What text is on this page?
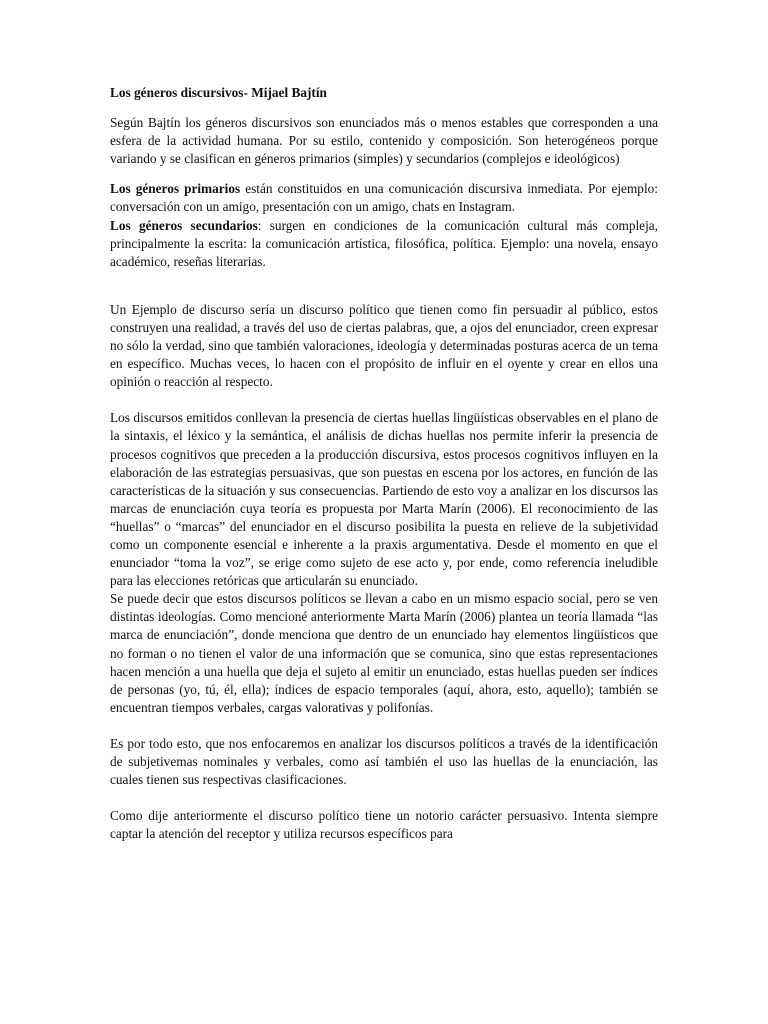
Los géneros discursivos- Mijael Bajtín

Según Bajtín los géneros discursivos son enunciados más o menos estables que corresponden a una esfera de la actividad humana. Por su estilo, contenido y composición. Son heterogéneos porque variando y se clasifican en géneros primarios (simples) y secundarios (complejos e ideológicos)

Los géneros primarios están constituidos en una comunicación discursiva inmediata. Por ejemplo: conversación con un amigo, presentación con un amigo, chats en Instagram.

Los géneros secundarios: surgen en condiciones de la comunicación cultural más compleja, principalmente la escrita: la comunicación artística, filosófica, política. Ejemplo: una novela, ensayo académico, reseñas literarias.

Un Ejemplo de discurso sería un discurso político que tienen como fin persuadir al público, estos construyen una realidad, a través del uso de ciertas palabras, que, a ojos del enunciador, creen expresar no sólo la verdad, sino que también valoraciones, ideología y determinadas posturas acerca de un tema en específico. Muchas veces, lo hacen con el propósito de influir en el oyente y crear en ellos una opinión o reacción al respecto.

Los discursos emitidos conllevan la presencia de ciertas huellas lingüísticas observables en el plano de la sintaxis, el léxico y la semántica, el análisis de dichas huellas nos permite inferir la presencia de procesos cognitivos que preceden a la producción discursiva, estos procesos cognitivos influyen en la elaboración de las estrategias persuasivas, que son puestas en escena por los actores, en función de las características de la situación y sus consecuencias. Partiendo de esto voy a analizar en los discursos las marcas de enunciación cuya teoría es propuesta por Marta Marín (2006). El reconocimiento de las “huellas” o “marcas” del enunciador en el discurso posibilita la puesta en relieve de la subjetividad como un componente esencial e inherente a la praxis argumentativa. Desde el momento en que el enunciador “toma la voz”, se erige como sujeto de ese acto y, por ende, como referencia ineludible para las elecciones retóricas que articularán su enunciado.

Se puede decir que estos discursos políticos se llevan a cabo en un mismo espacio social, pero se ven distintas ideologías. Como mencioné anteriormente Marta Marín (2006) plantea un teoría llamada “las marca de enunciación”, donde menciona que dentro de un enunciado hay elementos lingüísticos que no forman o no tienen el valor de una información que se comunica, sino que estas representaciones hacen mención a una huella que deja el sujeto al emitir un enunciado, estas huellas pueden ser índices de personas (yo, tú, él, ella); índices de espacio temporales (aquí, ahora, esto, aquello); también se encuentran tiempos verbales, cargas valorativas y polifonías.

Es por todo esto, que nos enfocaremos en analizar los discursos políticos a través de la identificación de subjetivemas nominales y verbales, como así también el uso las huellas de la enunciación, las cuales tienen sus respectivas clasificaciones.

Como dije anteriormente el discurso político tiene un notorio carácter persuasivo. Intenta siempre captar la atención del receptor y utiliza recursos específicos para
